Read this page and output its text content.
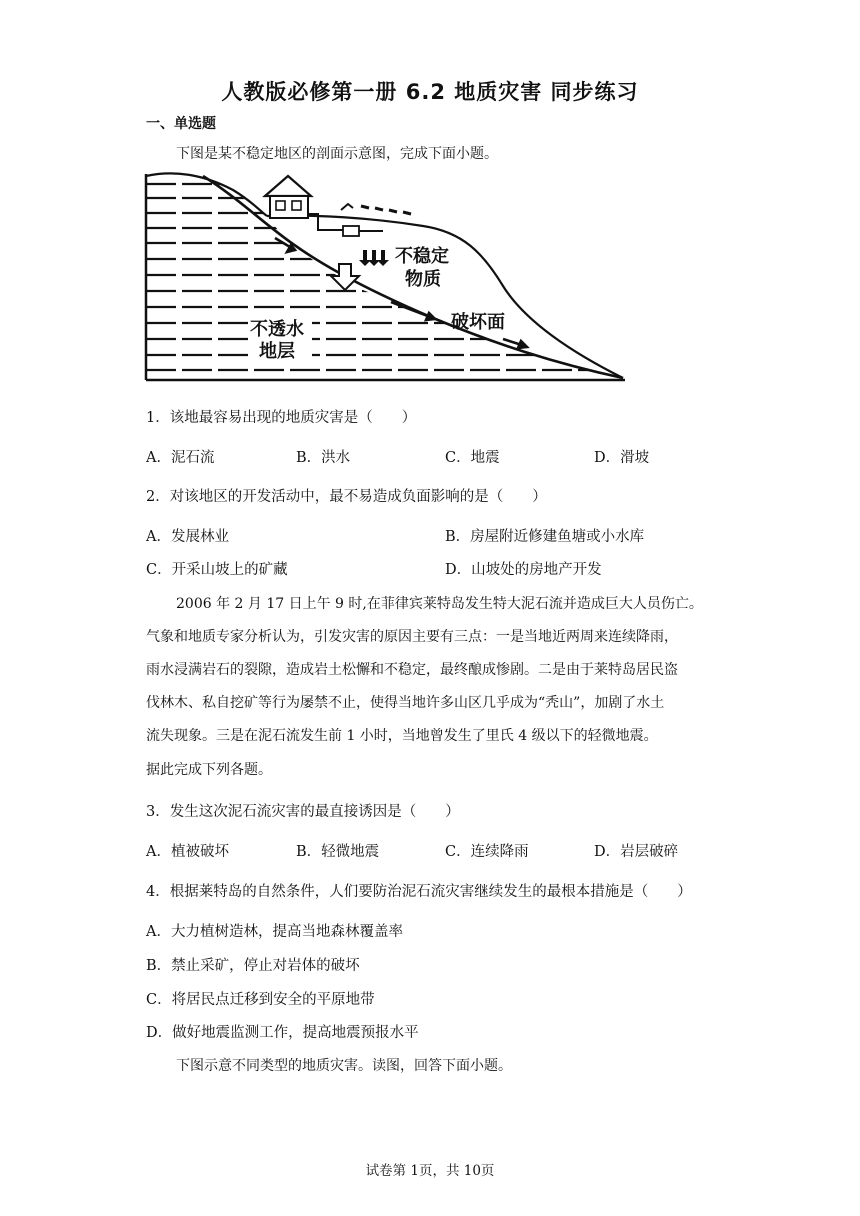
人教版必修第一册 6.2 地质灾害 同步练习
一、单选题
下图是某不稳定地区的剖面示意图，完成下面小题。
不稳定
物质
破坏面
不透水
地层
1．该地最容易出现的地质灾害是（　　）
A．泥石流	B．洪水	C．地震	D．滑坡
2．对该地区的开发活动中，最不易造成负面影响的是（　　）
A．发展林业	B．房屋附近修建鱼塘或小水库
C．开采山坡上的矿藏	D．山坡处的房地产开发
2006 年 2 月 17 日上午 9 时,在菲律宾莱特岛发生特大泥石流并造成巨大人员伤亡。
气象和地质专家分析认为，引发灾害的原因主要有三点：一是当地近两周来连续降雨，
雨水浸满岩石的裂隙，造成岩土松懈和不稳定，最终酿成惨剧。二是由于莱特岛居民盗
伐林木、私自挖矿等行为屡禁不止，使得当地许多山区几乎成为“秃山”，加剧了水土
流失现象。三是在泥石流发生前 1 小时，当地曾发生了里氏 4 级以下的轻微地震。
据此完成下列各题。
3．发生这次泥石流灾害的最直接诱因是（　　）
A．植被破坏	B．轻微地震	C．连续降雨	D．岩层破碎
4．根据莱特岛的自然条件，人们要防治泥石流灾害继续发生的最根本措施是（　　）
A．大力植树造林，提高当地森林覆盖率
B．禁止采矿，停止对岩体的破坏
C．将居民点迁移到安全的平原地带
D．做好地震监测工作，提高地震预报水平
下图示意不同类型的地质灾害。读图，回答下面小题。
试卷第 1页，共 10页
